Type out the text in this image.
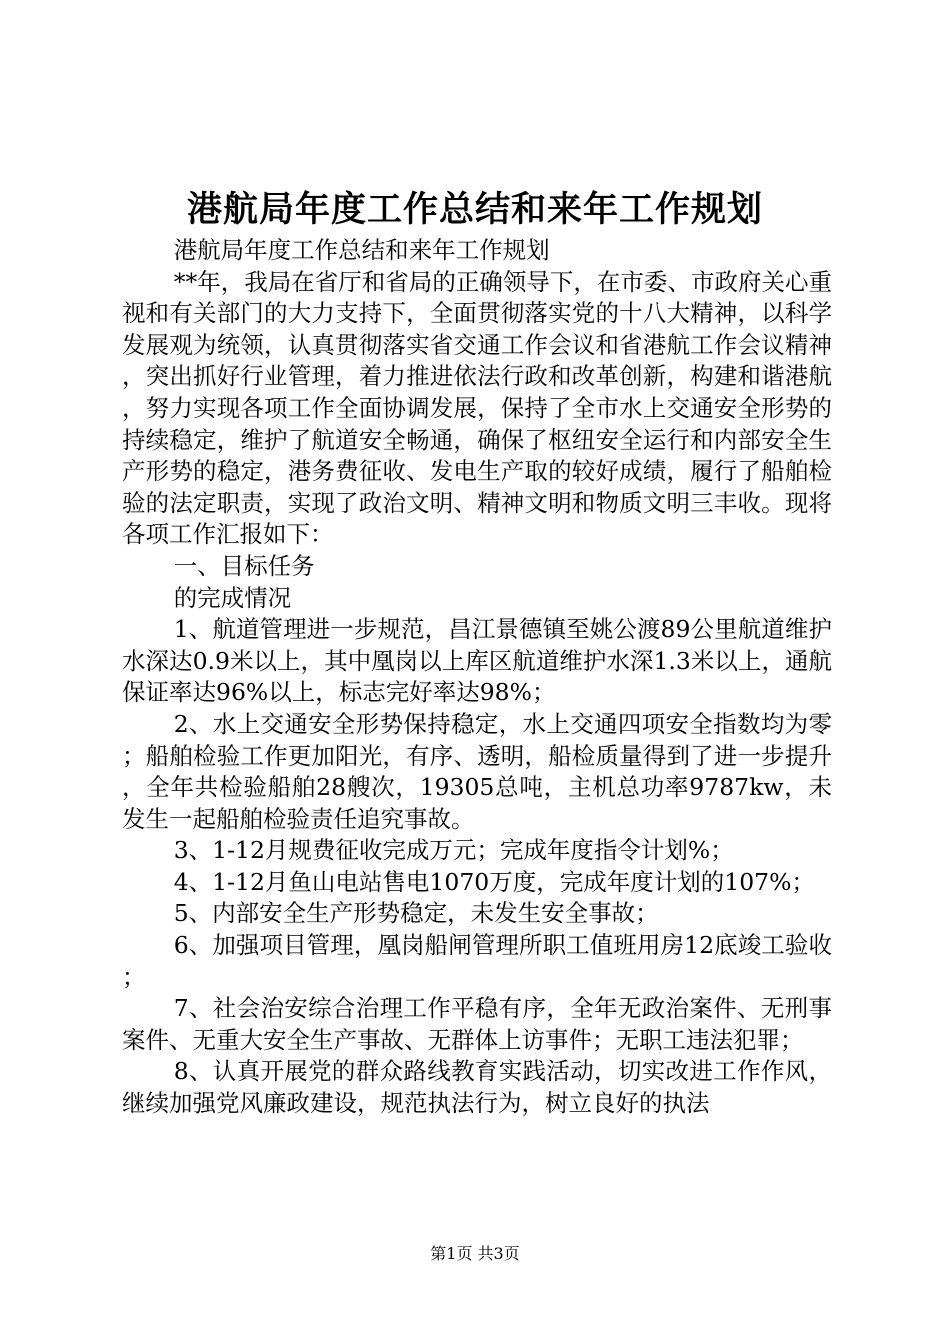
港航局年度工作总结和来年工作规划

港航局年度工作总结和来年工作规划

**年，我局在省厅和省局的正确领导下，在市委、市政府关心重视和有关部门的大力支持下，全面贯彻落实党的十八大精神，以科学发展观为统领，认真贯彻落实省交通工作会议和省港航工作会议精神，突出抓好行业管理，着力推进依法行政和改革创新，构建和谐港航，努力实现各项工作全面协调发展，保持了全市水上交通安全形势的持续稳定，维护了航道安全畅通，确保了枢纽安全运行和内部安全生产形势的稳定，港务费征收、发电生产取的较好成绩，履行了船舶检验的法定职责，实现了政治文明、精神文明和物质文明三丰收。现将各项工作汇报如下：

一、目标任务

的完成情况

1、航道管理进一步规范，昌江景德镇至姚公渡89公里航道维护水深达0.9米以上，其中凰岗以上库区航道维护水深1.3米以上，通航保证率达96%以上，标志完好率达98%；

2、水上交通安全形势保持稳定，水上交通四项安全指数均为零；船舶检验工作更加阳光，有序、透明，船检质量得到了进一步提升，全年共检验船舶28艘次，19305总吨，主机总功率9787kw，未发生一起船舶检验责任追究事故。

3、1-12月规费征收完成万元；完成年度指令计划%；

4、1-12月鱼山电站售电1070万度，完成年度计划的107%；

5、内部安全生产形势稳定，未发生安全事故；

6、加强项目管理，凰岗船闸管理所职工值班用房12底竣工验收；

7、社会治安综合治理工作平稳有序，全年无政治案件、无刑事案件、无重大安全生产事故、无群体上访事件；无职工违法犯罪；

8、认真开展党的群众路线教育实践活动，切实改进工作作风，继续加强党风廉政建设，规范执法行为，树立良好的执法

第1页 共3页
